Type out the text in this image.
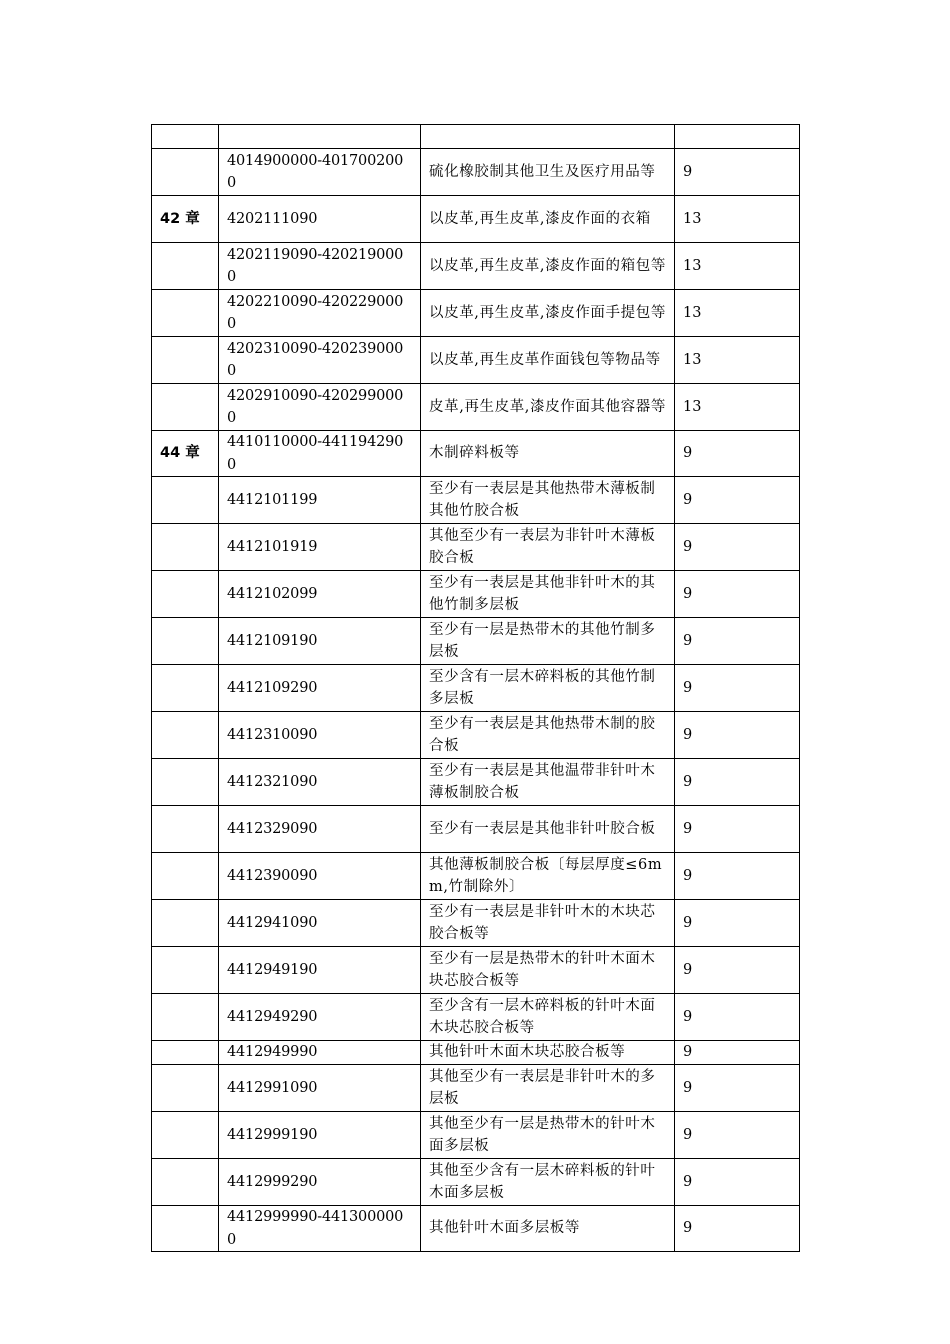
	4014900000-4017002000	硫化橡胶制其他卫生及医疗用品等	9
42 章	4202111090	以皮革,再生皮革,漆皮作面的衣箱	13
	4202119090-4202190000	以皮革,再生皮革,漆皮作面的箱包等	13
	4202210090-4202290000	以皮革,再生皮革,漆皮作面手提包等	13
	4202310090-4202390000	以皮革,再生皮革作面钱包等物品等	13
	4202910090-4202990000	皮革,再生皮革,漆皮作面其他容器等	13
44 章	4410110000-4411942900	木制碎料板等	9
	4412101199	至少有一表层是其他热带木薄板制其他竹胶合板	9
	4412101919	其他至少有一表层为非针叶木薄板胶合板	9
	4412102099	至少有一表层是其他非针叶木的其他竹制多层板	9
	4412109190	至少有一层是热带木的其他竹制多层板	9
	4412109290	至少含有一层木碎料板的其他竹制多层板	9
	4412310090	至少有一表层是其他热带木制的胶合板	9
	4412321090	至少有一表层是其他温带非针叶木薄板制胶合板	9
	4412329090	至少有一表层是其他非针叶胶合板	9
	4412390090	其他薄板制胶合板〔每层厚度≤6mm,竹制除外〕	9
	4412941090	至少有一表层是非针叶木的木块芯胶合板等	9
	4412949190	至少有一层是热带木的针叶木面木块芯胶合板等	9
	4412949290	至少含有一层木碎料板的针叶木面木块芯胶合板等	9
	4412949990	其他针叶木面木块芯胶合板等	9
	4412991090	其他至少有一表层是非针叶木的多层板	9
	4412999190	其他至少有一层是热带木的针叶木面多层板	9
	4412999290	其他至少含有一层木碎料板的针叶木面多层板	9
	4412999990-4413000000	其他针叶木面多层板等	9
